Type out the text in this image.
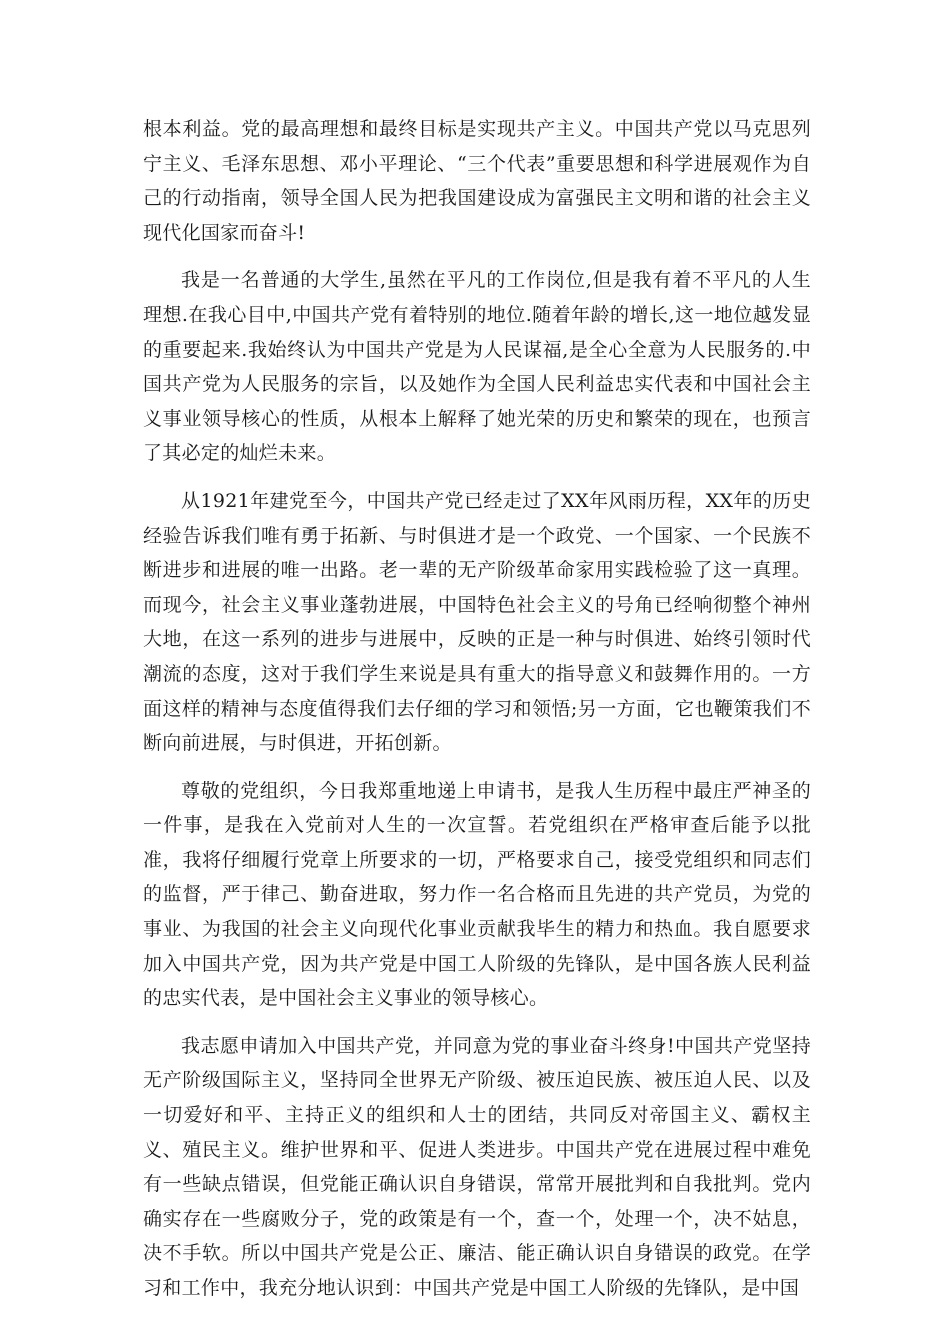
根本利益。党的最高理想和最终目标是实现共产主义。中国共产党以马克思列宁主义、毛泽东思想、邓小平理论、“三个代表”重要思想和科学进展观作为自己的行动指南，领导全国人民为把我国建设成为富强民主文明和谐的社会主义现代化国家而奋斗!

我是一名普通的大学生,虽然在平凡的工作岗位,但是我有着不平凡的人生理想.在我心目中,中国共产党有着特别的地位.随着年龄的增长,这一地位越发显的重要起来.我始终认为中国共产党是为人民谋福,是全心全意为人民服务的.中国共产党为人民服务的宗旨，以及她作为全国人民利益忠实代表和中国社会主义事业领导核心的性质，从根本上解释了她光荣的历史和繁荣的现在，也预言了其必定的灿烂未来。

从1921年建党至今，中国共产党已经走过了XX年风雨历程，XX年的历史经验告诉我们唯有勇于拓新、与时俱进才是一个政党、一个国家、一个民族不断进步和进展的唯一出路。老一辈的无产阶级革命家用实践检验了这一真理。而现今，社会主义事业蓬勃进展，中国特色社会主义的号角已经响彻整个神州大地，在这一系列的进步与进展中，反映的正是一种与时俱进、始终引领时代潮流的态度，这对于我们学生来说是具有重大的指导意义和鼓舞作用的。一方面这样的精神与态度值得我们去仔细的学习和领悟;另一方面，它也鞭策我们不断向前进展，与时俱进，开拓创新。

尊敬的党组织，今日我郑重地递上申请书，是我人生历程中最庄严神圣的一件事，是我在入党前对人生的一次宣誓。若党组织在严格审查后能予以批准，我将仔细履行党章上所要求的一切，严格要求自己，接受党组织和同志们的监督，严于律己、勤奋进取，努力作一名合格而且先进的共产党员，为党的事业、为我国的社会主义向现代化事业贡献我毕生的精力和热血。我自愿要求加入中国共产党，因为共产党是中国工人阶级的先锋队，是中国各族人民利益的忠实代表，是中国社会主义事业的领导核心。

我志愿申请加入中国共产党，并同意为党的事业奋斗终身!中国共产党坚持无产阶级国际主义，坚持同全世界无产阶级、被压迫民族、被压迫人民、以及一切爱好和平、主持正义的组织和人士的团结，共同反对帝国主义、霸权主义、殖民主义。维护世界和平、促进人类进步。中国共产党在进展过程中难免有一些缺点错误，但党能正确认识自身错误，常常开展批判和自我批判。党内确实存在一些腐败分子，党的政策是有一个，查一个，处理一个，决不姑息，决不手软。所以中国共产党是公正、廉洁、能正确认识自身错误的政党。在学习和工作中，我充分地认识到：中国共产党是中国工人阶级的先锋队，是中国
